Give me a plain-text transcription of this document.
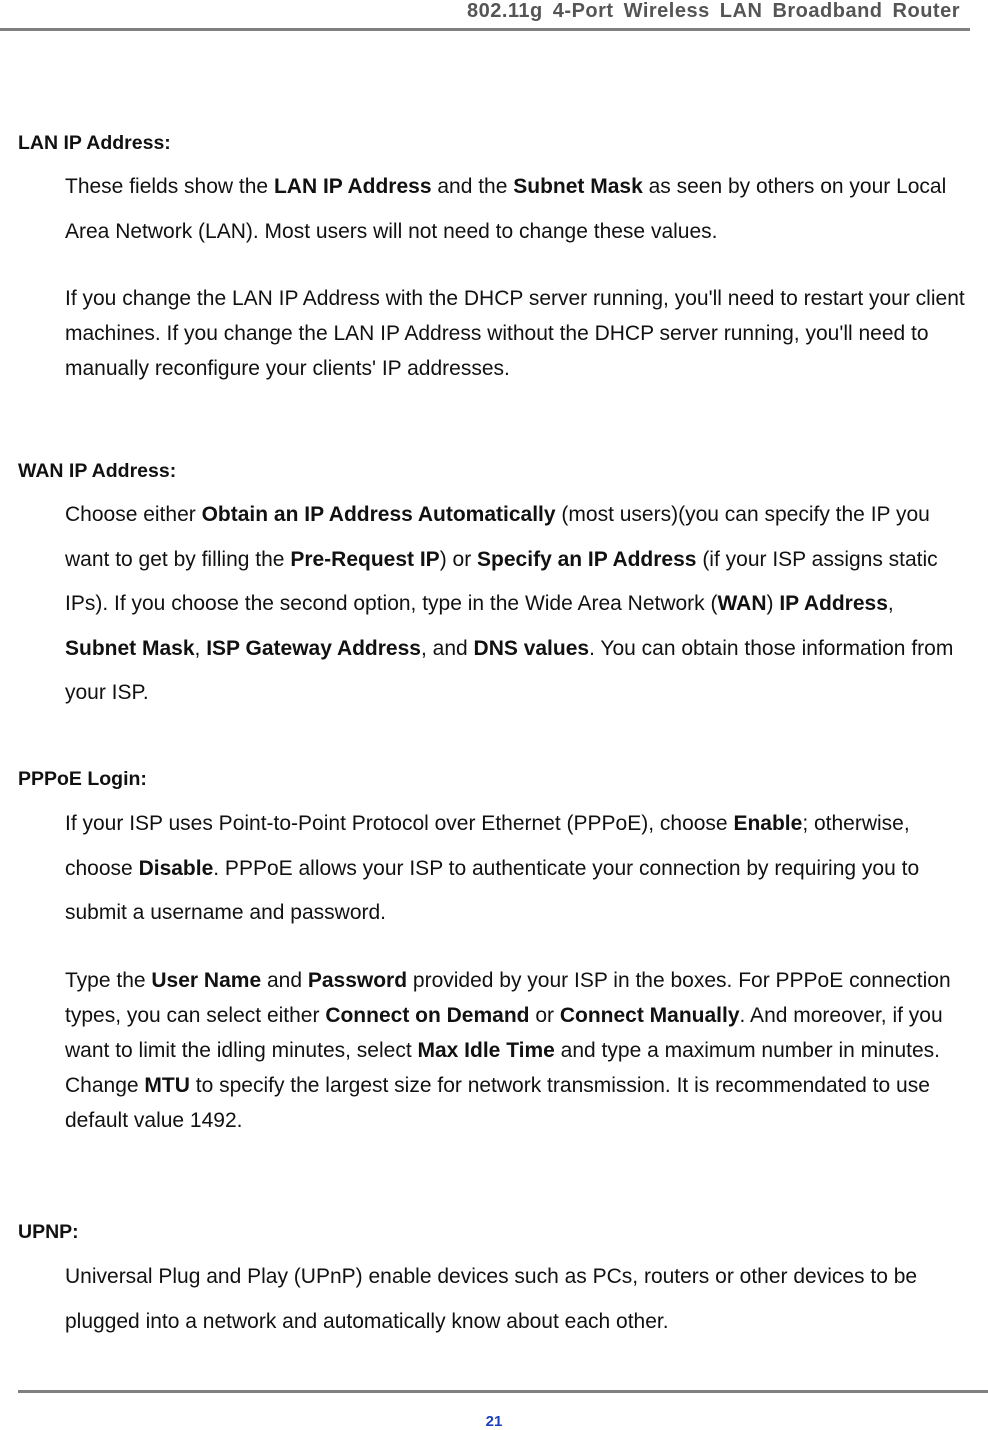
802.11g 4-Port Wireless LAN Broadband Router
LAN IP Address:

These fields show the LAN IP Address and the Subnet Mask as seen by others on your Local Area Network (LAN). Most users will not need to change these values.

If you change the LAN IP Address with the DHCP server running, you'll need to restart your client machines. If you change the LAN IP Address without the DHCP server running, you'll need to manually reconfigure your clients' IP addresses.

WAN IP Address:

Choose either Obtain an IP Address Automatically (most users)(you can specify the IP you want to get by filling the Pre-Request IP) or Specify an IP Address (if your ISP assigns static IPs). If you choose the second option, type in the Wide Area Network (WAN) IP Address, Subnet Mask, ISP Gateway Address, and DNS values. You can obtain those information from your ISP.

PPPoE Login:

If your ISP uses Point-to-Point Protocol over Ethernet (PPPoE), choose Enable; otherwise, choose Disable. PPPoE allows your ISP to authenticate your connection by requiring you to submit a username and password.

Type the User Name and Password provided by your ISP in the boxes. For PPPoE connection types, you can select either Connect on Demand or Connect Manually. And moreover, if you want to limit the idling minutes, select Max Idle Time and type a maximum number in minutes. Change MTU to specify the largest size for network transmission. It is recommendated to use default value 1492.

UPNP:

Universal Plug and Play (UPnP) enable devices such as PCs, routers or other devices to be plugged into a network and automatically know about each other.

21
